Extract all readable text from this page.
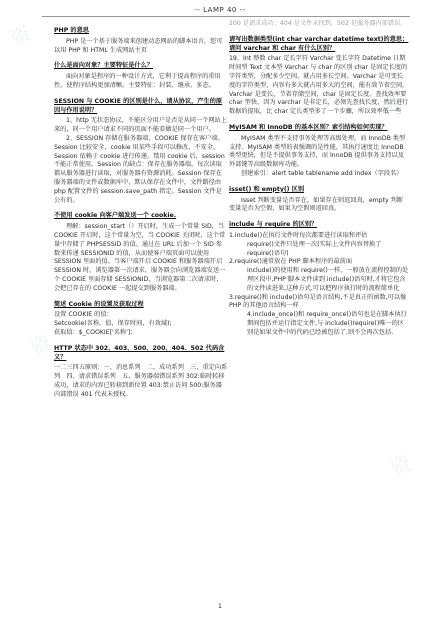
资
资
资
资
-- LAMP 40 --
PHP 的意思
PHP 是一个基于服务端来创建动态网站的脚本语言，您可以用 PHP 和 HTML 生成网站主页
什么是面向对象？主要特征是什么？
面向对象是程序的一种设计方式，它利于提高程序的重用性，使程序结构更加清晰。主要特征：封装、继承、多态。
SESSION 与 COOKIE 的区别是什么，请从协议，产生的原因与作用说明？
1、http 无状态协议，不能区分用户是否是从同一个网站上来的，同一个用户请求不同的页面不能看做是同一个用户。
2、SESSION 存储在服务器端，COOKIE 保存在客户端。Session 比较安全，cookie 用某些手段可以修改，不安全。Session 依赖于 cookie 进行传递。禁用 cookie 后，session 不能正常使用。Session 的缺点：保存在服务器端，每次读取都从服务器进行读取，对服务器有资源消耗。Session 保存在服务器端的文件或数据库中，默认保存在文件中，文件路径由 php 配置文件的 session.save_path 指定。Session 文件是公有的。
不使用 cookie 向客户端发送一个 cookie.
理解：session_start（）开启时，生成一个常量 SID，当 COOKIE 开启时，这个常量为空，当 COOKIE 关闭时，这个常量中存储了 PHPSESSID 的值。通过在 URL 后加一个 SID 参数来传递 SESSIONID 的值，从而使客户端页面可以使用 SESSION 里面的值。当客户端开启 COOKIE 和服务器端开启 SESSION 时。浏览器第一次请求，服务器会向浏览器端发送一个 COOKIE 里面存储 SESSIONID，当浏览器第二次请求时，会把已存在的 COOKIE 一起提交到服务器端。
简述 Cookie 的设置及获取过程
设置 COOKIE 的值：
Setcookie(名称，值，保存时间，有效域);
获取值：$_COOKIE['名称'];
HTTP 状态中 302、403、500、200、404、502 代码含义？
一二三四五原则：一、消息系列　二、成功系列　三、重定向系列　四、请求错误系列　五、服务器端错误系列 302:临时转移成功，请求的内容已转移到新位置 403:禁止访问 500:服务器内部错误 401 代表未授权。
200 是请求成功；404 是文件未找到，502 是服务器内部错误。
请写出数据类型(int char varchar datetime text)的意思；请问 varchar 和 char 有什么区别？
19、Int 整数 char 定长字符 Varchar 变长字符 Datetime 日期时间型 Text 文本型 Varchar 与 char 的区别 char 是固定长度的字符类型，分配多少空间，就占用多长空间。Varchar 是可变长度的字符类型，内容有多大就占用多大的空间，能有效节省空间。Varchar 是变长，节省存储空间，char 是固定长度。查找效率要 char 型快，因为 varchar 是非定长，必须先查找长度，然后进行数据的提取，比 char 定长类型多了一个步骤，所以效率低一些
MyISAM 和 InnoDB 的基本区别？索引结构如何实现？
MyISAM 类型不支持事务处理等高级处理，而 InnoDB 类型支持。MyISAM 类型的表强调的是性能，其执行速度比 InnoDB 类型更快，但是不提供事务支持，而 InnoDB 提供事务支持以及外部键等高级数据库功能。
创建索引：alert table tablename add index（字段名）
isset() 和 empty() 区别
Isset 判断变量是否存在，如果存在则返回真，empty 判断变量是否为空假，如果为空假则返回真。
include 与 require 的区别？
1.include()在执行文件时每次都要进行读取和评估
require()文件只处理一次(实际上文件内容替换了 require()语句)
2.require()通常放在 PHP 脚本程序的最前面
include()的使用和 require()一样，一般放在流程控制的处理区段中,PHP 脚本文件读到 include()语句时,才将它包含的文件读进来,这种方式,可以把程序执行时的流程简单化
3.require()和 include()语句是语言结构,不是真正的函数,可以像 PHP 的其他语言结构一样
4.include_once()和 require_once()语句也是在脚本执行期间包括并运行指定文件,与 include()require()唯一的区别是如果文件中的代码已经被包括了,则不会再次包括.
1
